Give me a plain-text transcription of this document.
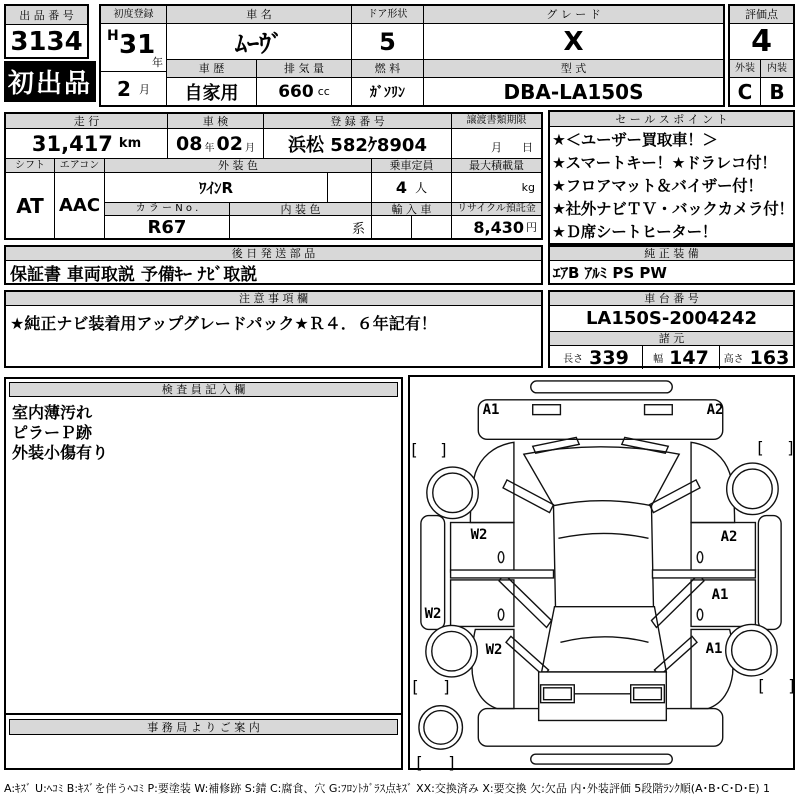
出 品 番 号
3134
初出品
初度登録
H 31
年
2 月
車 名
ﾑｰｳﾞ
車 歴	排 気 量
自家用	660 cc
ドア形状
5
燃 料
ｶﾞｿﾘﾝ
グ レ ー ド
X
型 式
DBA-LA150S
評価点
4
外装	内装
C B
走 行	車 検	登 録 番 号	譲渡書類期限
31,417 km 08 年 02 月	浜松 582ｹ8904	月 日
シフト	エアコン	外 装 色	乗車定員	最大積載量
AT AAC
ﾜｲﾝR	4 人	kg
カ ラ ー N o .	内 装 色	輸 入 車	リサイクル預託金
R67	系	8,430 円
後 日 発 送 部 品
保証書 車両取説 予備ｷｰ ﾅﾋﾞ取説
注 意 事 項 欄
★純正ナビ装着用アップグレードパック★Ｒ４．６年記有！
セ ー ル ス ポ イ ン ト
★＜ユーザー買取車！＞
★スマートキー！★ドラレコ付！
★フロアマット＆バイザー付！
★社外ナビＴＶ・バックカメラ付！
★Ｄ席シートヒーター！
純 正 装 備
ｴｱB ｱﾙﾐ PS PW
車 台 番 号
LA150S-2004242
諸 元
長さ 339 幅 147 高さ 163
検 査 員 記 入 欄
室内薄汚れ
ピラーＰ跡
外装小傷有り
事 務 局 よ り ご 案 内
A1	A2
W2	A2
A1
W2
W2	A1
[ ]	[ ]
[ ]	[ ]
[ ]
A:ｷｽﾞ U:ﾍｺﾐ B:ｷｽﾞを伴うﾍｺﾐ P:要塗装 W:補修跡 S:錆 C:腐食、穴 G:ﾌﾛﾝﾄｶﾞﾗｽ点ｷｽﾞ XX:交換済み X:要交換 欠:欠品 内･外装評価 5段階ﾗﾝｸ順(A･B･C･D･E) 1
